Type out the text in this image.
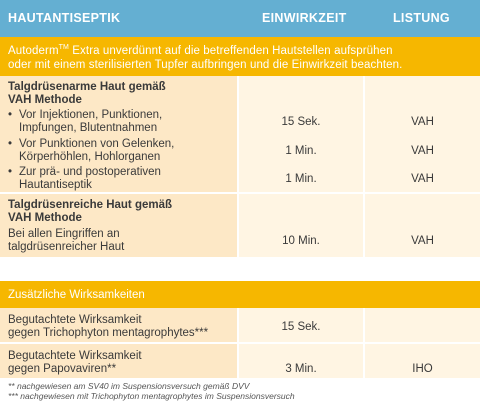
HAUTANTISEPTIK	EINWIRKZEIT	LISTUNG
Autoderm™ Extra unverdünnt auf die betreffenden Hautstellen aufsprühen
oder mit einem sterilisierten Tupfer aufbringen und die Einwirkzeit beachten.
Talgdrüsenarme Haut gemäß
VAH Methode
• Vor Injektionen, Punktionen,
Impfungen, Blutentnahmen	15 Sek.	VAH
• Vor Punktionen von Gelenken,
Körperhöhlen, Hohlorganen	1 Min.	VAH
• Zur prä- und postoperativen
Hautantiseptik	1 Min.	VAH
Talgdrüsenreiche Haut gemäß
VAH Methode
Bei allen Eingriffen an
talgdrüsenreicher Haut	10 Min.	VAH
Zusätzliche Wirksamkeiten
Begutachtete Wirksamkeit
gegen Trichophyton mentagrophytes***	15 Sek.
Begutachtete Wirksamkeit
gegen Papovaviren**	3 Min.	IHO
** nachgewiesen am SV40 im Suspensionsversuch gemäß DVV
*** nachgewiesen mit Trichophyton mentagrophytes im Suspensionsversuch
